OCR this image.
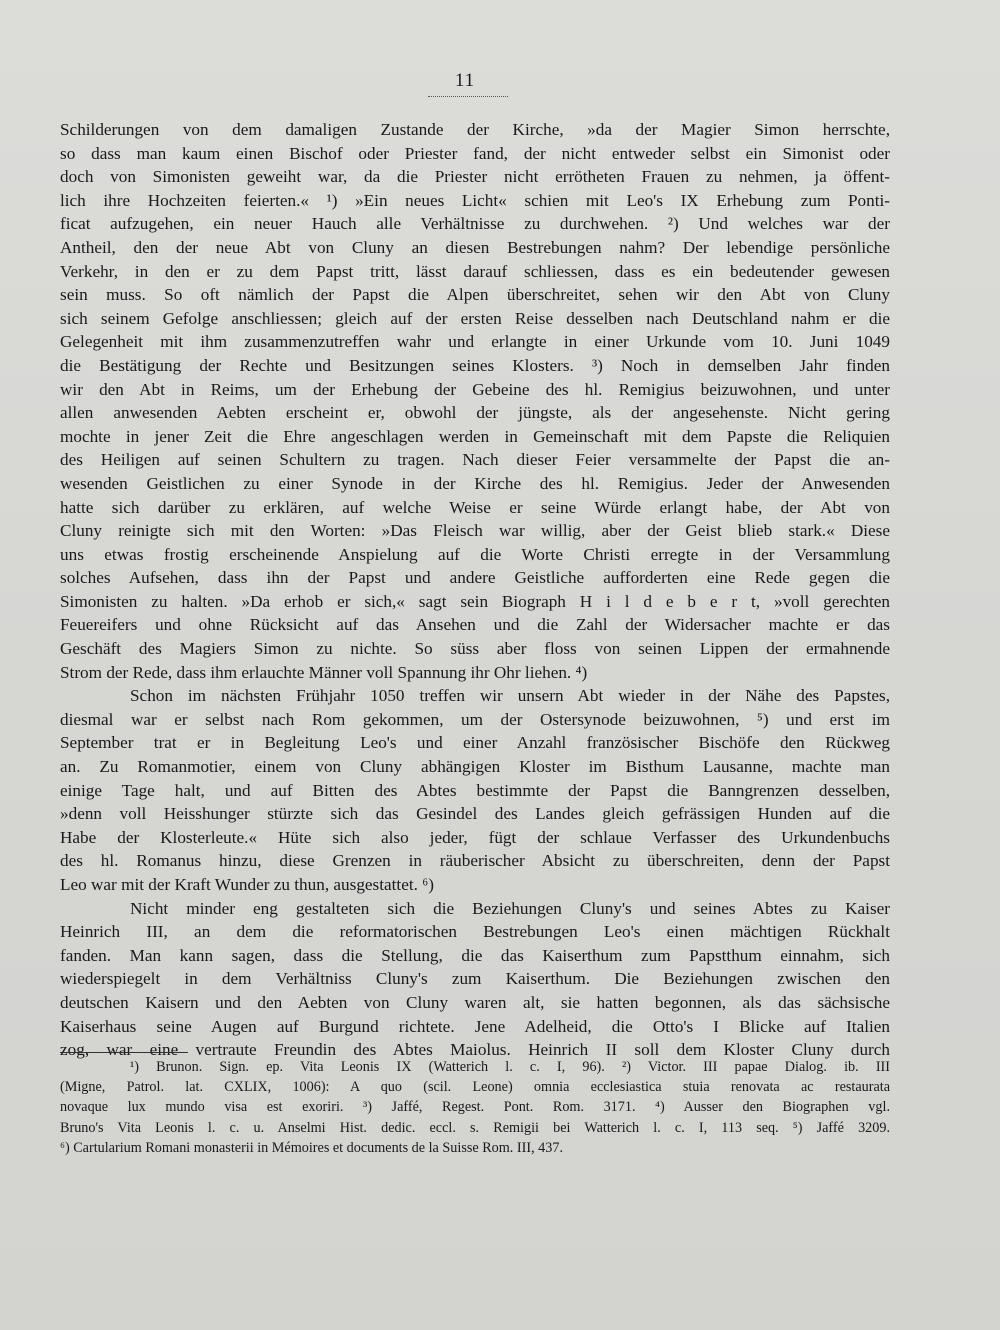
11
Schilderungen von dem damaligen Zustande der Kirche, »da der Magier Simon herrschte,
so dass man kaum einen Bischof oder Priester fand, der nicht entweder selbst ein Simonist oder
doch von Simonisten geweiht war, da die Priester nicht errötheten Frauen zu nehmen, ja öffent-
lich ihre Hochzeiten feierten.« ¹) »Ein neues Licht« schien mit Leo's IX Erhebung zum Ponti-
ficat aufzugehen, ein neuer Hauch alle Verhältnisse zu durchwehen. ²) Und welches war der
Antheil, den der neue Abt von Cluny an diesen Bestrebungen nahm? Der lebendige persönliche
Verkehr, in den er zu dem Papst tritt, lässt darauf schliessen, dass es ein bedeutender gewesen
sein muss. So oft nämlich der Papst die Alpen überschreitet, sehen wir den Abt von Cluny
sich seinem Gefolge anschliessen; gleich auf der ersten Reise desselben nach Deutschland nahm er die
Gelegenheit mit ihm zusammenzutreffen wahr und erlangte in einer Urkunde vom 10. Juni 1049
die Bestätigung der Rechte und Besitzungen seines Klosters. ³) Noch in demselben Jahr finden
wir den Abt in Reims, um der Erhebung der Gebeine des hl. Remigius beizuwohnen, und unter
allen anwesenden Aebten erscheint er, obwohl der jüngste, als der angesehenste. Nicht gering
mochte in jener Zeit die Ehre angeschlagen werden in Gemeinschaft mit dem Papste die Reliquien
des Heiligen auf seinen Schultern zu tragen. Nach dieser Feier versammelte der Papst die an-
wesenden Geistlichen zu einer Synode in der Kirche des hl. Remigius. Jeder der Anwesenden
hatte sich darüber zu erklären, auf welche Weise er seine Würde erlangt habe, der Abt von
Cluny reinigte sich mit den Worten: »Das Fleisch war willig, aber der Geist blieb stark.« Diese
uns etwas frostig erscheinende Anspielung auf die Worte Christi erregte in der Versammlung
solches Aufsehen, dass ihn der Papst und andere Geistliche aufforderten eine Rede gegen die
Simonisten zu halten. »Da erhob er sich,« sagt sein Biograph H i l d e b e r t, »voll gerechten
Feuereifers und ohne Rücksicht auf das Ansehen und die Zahl der Widersacher machte er das
Geschäft des Magiers Simon zu nichte. So süss aber floss von seinen Lippen der ermahnende
Strom der Rede, dass ihm erlauchte Männer voll Spannung ihr Ohr liehen. ⁴)
Schon im nächsten Frühjahr 1050 treffen wir unsern Abt wieder in der Nähe des Papstes,
diesmal war er selbst nach Rom gekommen, um der Ostersynode beizuwohnen, ⁵) und erst im
September trat er in Begleitung Leo's und einer Anzahl französischer Bischöfe den Rückweg
an. Zu Romanmotier, einem von Cluny abhängigen Kloster im Bisthum Lausanne, machte man
einige Tage halt, und auf Bitten des Abtes bestimmte der Papst die Banngrenzen desselben,
»denn voll Heisshunger stürzte sich das Gesindel des Landes gleich gefrässigen Hunden auf die
Habe der Klosterleute.« Hüte sich also jeder, fügt der schlaue Verfasser des Urkundenbuchs
des hl. Romanus hinzu, diese Grenzen in räuberischer Absicht zu überschreiten, denn der Papst
Leo war mit der Kraft Wunder zu thun, ausgestattet. ⁶)
Nicht minder eng gestalteten sich die Beziehungen Cluny's und seines Abtes zu Kaiser
Heinrich III, an dem die reformatorischen Bestrebungen Leo's einen mächtigen Rückhalt
fanden. Man kann sagen, dass die Stellung, die das Kaiserthum zum Papstthum einnahm, sich
wiederspiegelt in dem Verhältniss Cluny's zum Kaiserthum. Die Beziehungen zwischen den
deutschen Kaisern und den Aebten von Cluny waren alt, sie hatten begonnen, als das sächsische
Kaiserhaus seine Augen auf Burgund richtete. Jene Adelheid, die Otto's I Blicke auf Italien
zog, war eine vertraute Freundin des Abtes Maiolus. Heinrich II soll dem Kloster Cluny durch
¹) Brunon. Sign. ep. Vita Leonis IX (Watterich l. c. I, 96). ²) Victor. III papae Dialog. ib. III
(Migne, Patrol. lat. CXLIX, 1006): A quo (scil. Leone) omnia ecclesiastica stuia renovata ac restaurata
novaque lux mundo visa est exoriri. ³) Jaffé, Regest. Pont. Rom. 3171. ⁴) Ausser den Biographen vgl.
Bruno's Vita Leonis l. c. u. Anselmi Hist. dedic. eccl. s. Remigii bei Watterich l. c. I, 113 seq. ⁵) Jaffé 3209.
⁶) Cartularium Romani monasterii in Mémoires et documents de la Suisse Rom. III, 437.
